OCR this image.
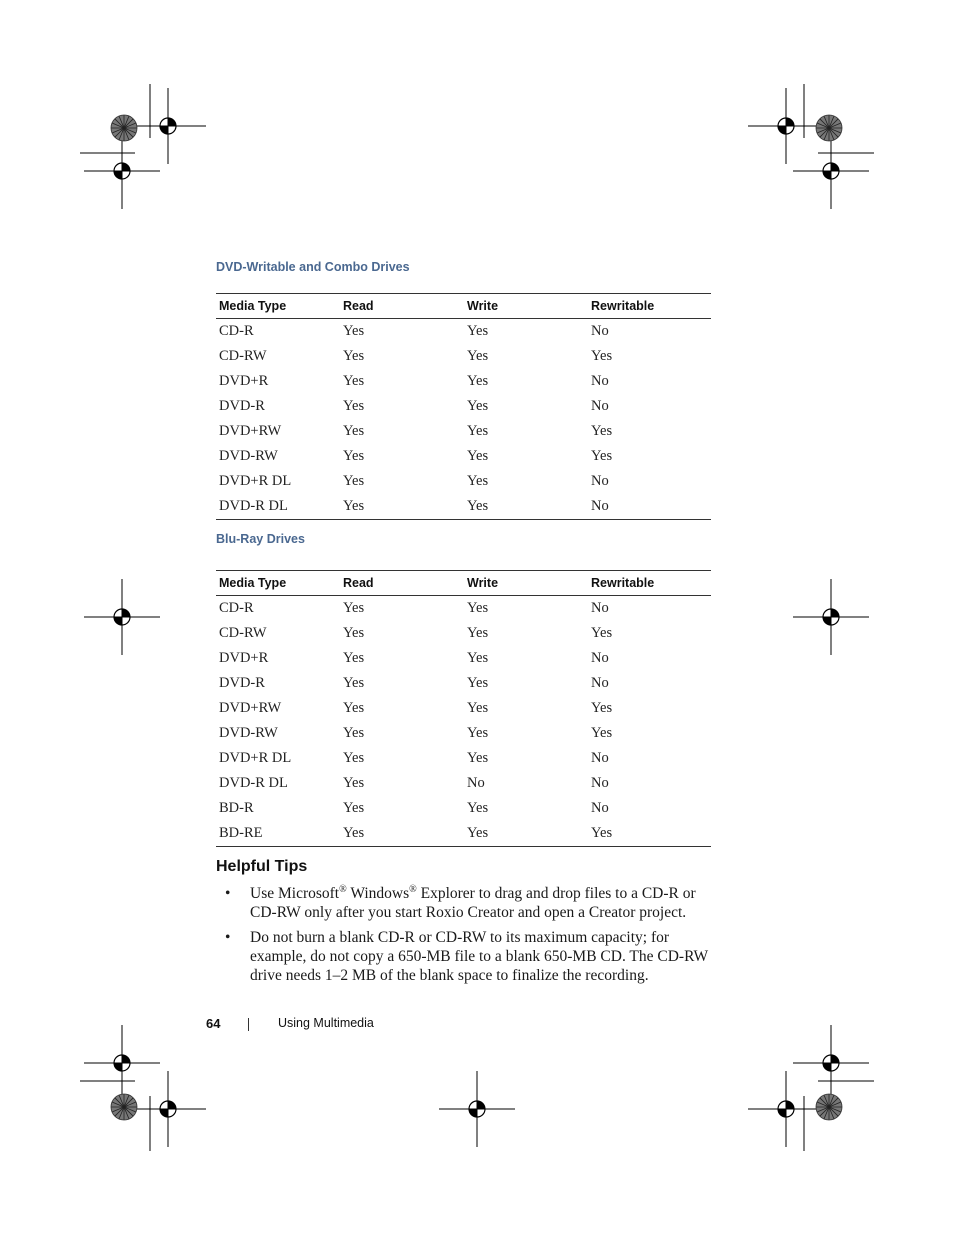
DVD-Writable and Combo Drives
Media Type	Read	Write	Rewritable
CD-R	Yes	Yes	No
CD-RW	Yes	Yes	Yes
DVD+R	Yes	Yes	No
DVD-R	Yes	Yes	No
DVD+RW	Yes	Yes	Yes
DVD-RW	Yes	Yes	Yes
DVD+R DL	Yes	Yes	No
DVD-R DL	Yes	Yes	No
Blu-Ray Drives
Media Type	Read	Write	Rewritable
CD-R	Yes	Yes	No
CD-RW	Yes	Yes	Yes
DVD+R	Yes	Yes	No
DVD-R	Yes	Yes	No
DVD+RW	Yes	Yes	Yes
DVD-RW	Yes	Yes	Yes
DVD+R DL	Yes	Yes	No
DVD-R DL	Yes	No	No
BD-R	Yes	Yes	No
BD-RE	Yes	Yes	Yes
Helpful Tips
• Use Microsoft® Windows® Explorer to drag and drop files to a CD-R or CD-RW only after you start Roxio Creator and open a Creator project.
• Do not burn a blank CD-R or CD-RW to its maximum capacity; for example, do not copy a 650-MB file to a blank 650-MB CD. The CD-RW drive needs 1–2 MB of the blank space to finalize the recording.
64	Using Multimedia
